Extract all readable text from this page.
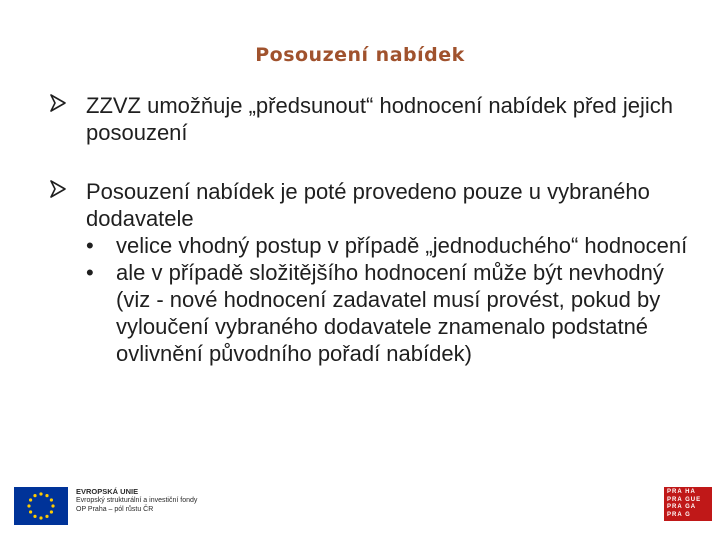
Posouzení nabídek
ZZVZ umožňuje „předsunout“ hodnocení nabídek před jejich posouzení
Posouzení nabídek je poté provedeno pouze u vybraného dodavatele
• velice vhodný postup v případě „jednoduchého“ hodnocení
• ale v případě složitějšího hodnocení může být nevhodný (viz - nové hodnocení zadavatel musí provést, pokud by vyloučení vybraného dodavatele znamenalo podstatné ovlivnění původního pořadí nabídek)
EVROPSKÁ UNIE
Evropský strukturální a investiční fondy
OP Praha – pól růstu ČR
PRA HA
PRA GUE
PRA GA
PRA G
